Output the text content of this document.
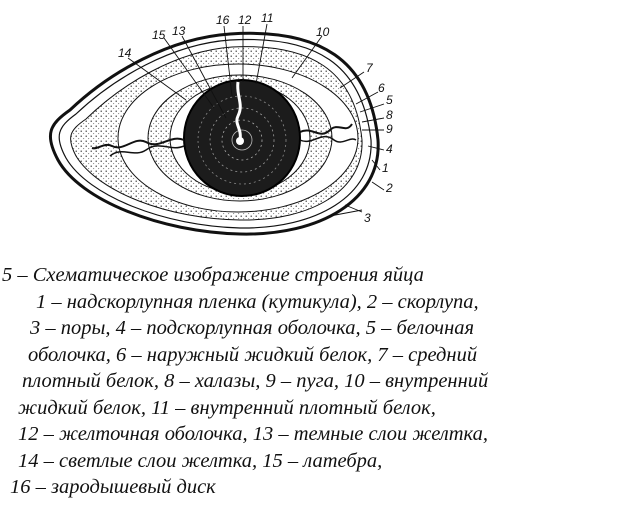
16 12 11
10
13
15
14
7
6
5
8
9
4
1
2
3
5 – Схематическое изображение строения яйца
1 – надскорлупная пленка (кутикула), 2 – скорлупа,
3 – поры, 4 – подскорлупная оболочка, 5 – белочная
оболочка, 6 – наружный жидкий белок, 7 – средний
плотный белок, 8 – халазы, 9 – пуга, 10 – внутренний
жидкий белок, 11 – внутренний плотный белок,
12 – желточная оболочка, 13 – темные слои желтка,
14 – светлые слои желтка, 15 – латебра,
16 – зародышевый диск
